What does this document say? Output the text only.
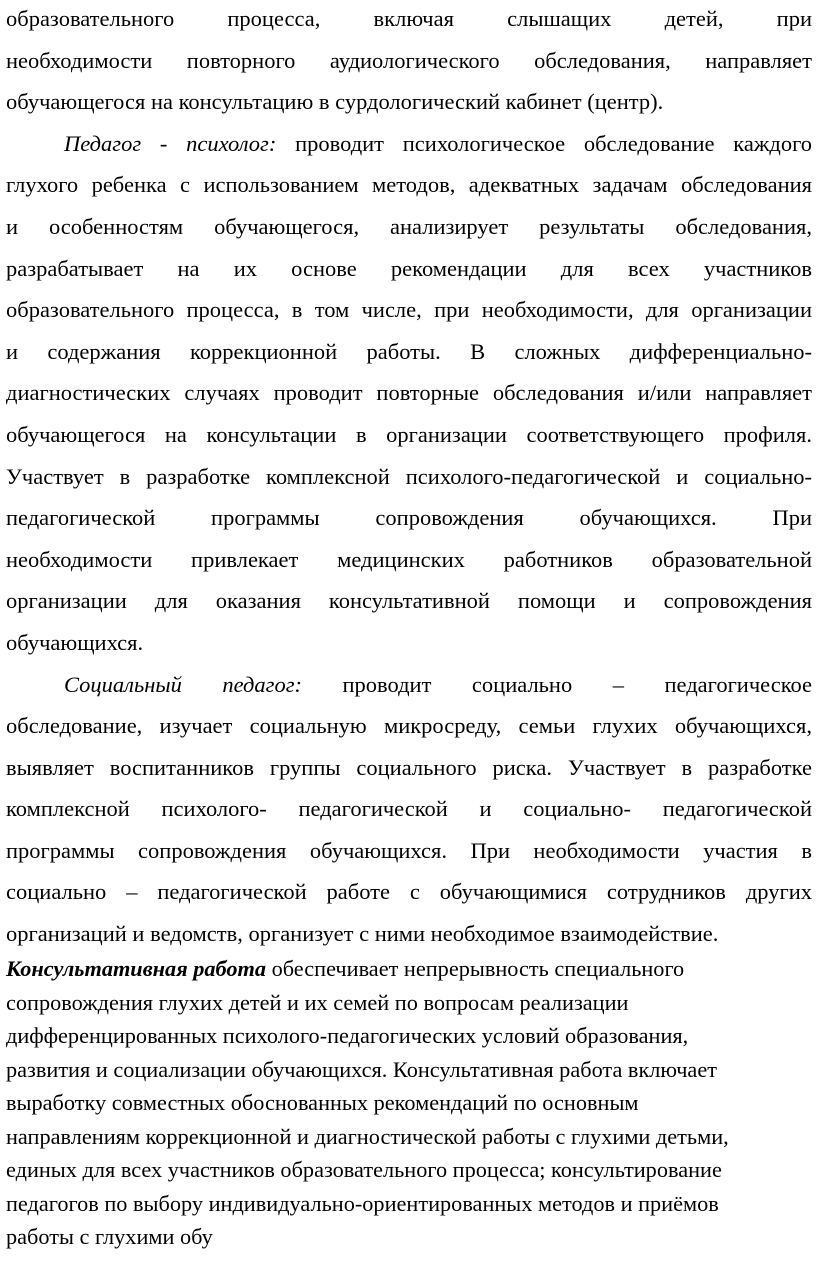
образовательного процесса, включая слышащих детей, при
необходимости повторного аудиологического обследования, направляет
обучающегося на консультацию в сурдологический кабинет (центр).
Педагог - психолог: проводит психологическое обследование каждого
глухого ребенка с использованием методов, адекватных задачам обследования
и особенностям обучающегося, анализирует результаты обследования,
разрабатывает на их основе рекомендации для всех участников
образовательного процесса, в том числе, при необходимости, для организации
и содержания коррекционной работы. В сложных дифференциально-
диагностических случаях проводит повторные обследования и/или направляет
обучающегося на консультации в организации соответствующего профиля.
Участвует в разработке комплексной психолого-педагогической и социально-
педагогической программы сопровождения обучающихся. При
необходимости привлекает медицинских работников образовательной
организации для оказания консультативной помощи и сопровождения
обучающихся.
Социальный педагог: проводит социально – педагогическое
обследование, изучает социальную микросреду, семьи глухих обучающихся,
выявляет воспитанников группы социального риска. Участвует в разработке
комплексной психолого- педагогической и социально- педагогической
программы сопровождения обучающихся. При необходимости участия в
социально – педагогической работе с обучающимися сотрудников других
организаций и ведомств, организует с ними необходимое взаимодействие.
Консультативная работа обеспечивает непрерывность специального
сопровождения глухих детей и их семей по вопросам реализации
дифференцированных психолого-педагогических условий образования,
развития и социализации обучающихся. Консультативная работа включает
выработку совместных обоснованных рекомендаций по основным
направлениям коррекционной и диагностической работы с глухими детьми,
единых для всех участников образовательного процесса; консультирование
педагогов по выбору индивидуально-ориентированных методов и приёмов
работы с глухими обу
